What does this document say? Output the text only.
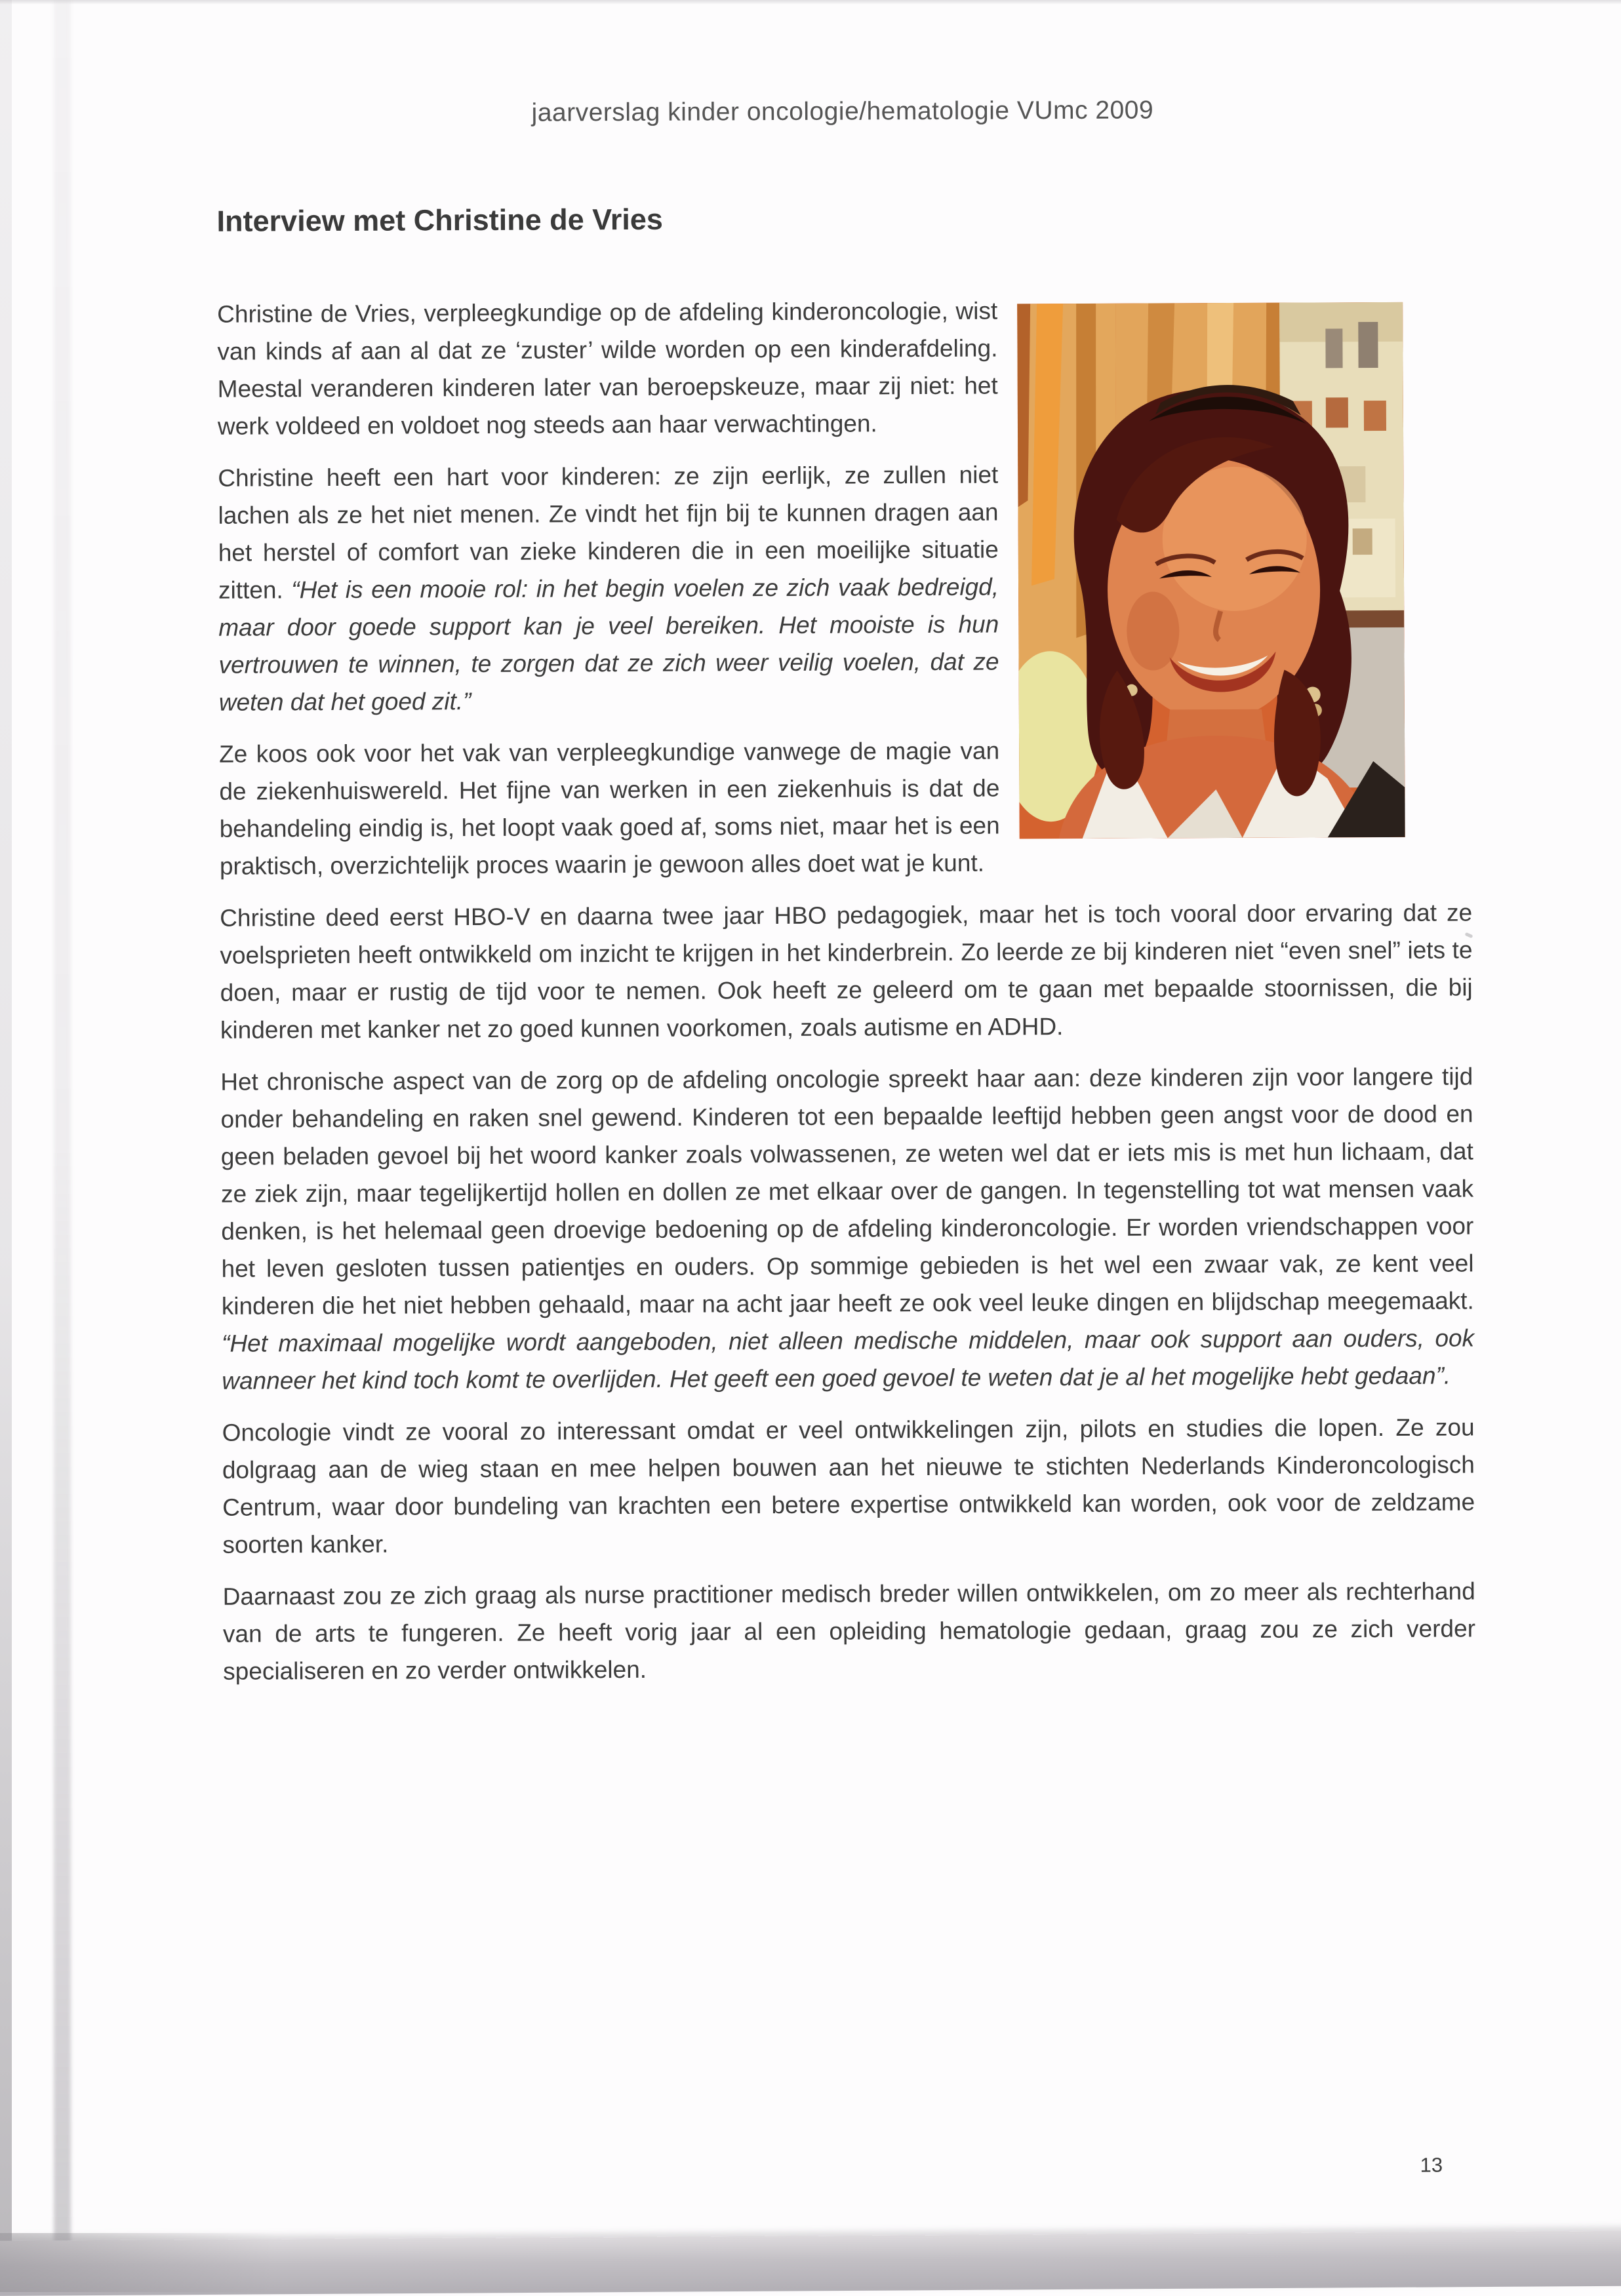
jaarverslag kinder oncologie/hematologie VUmc 2009
Interview met Christine de Vries

Christine de Vries, verpleegkundige op de afdeling kinderoncologie, wist van kinds af aan al dat ze ‘zuster’ wilde worden op een kinderafdeling. Meestal veranderen kinderen later van beroepskeuze, maar zij niet: het werk voldeed en voldoet nog steeds aan haar verwachtingen.

Christine heeft een hart voor kinderen: ze zijn eerlijk, ze zullen niet lachen als ze het niet menen. Ze vindt het fijn bij te kunnen dragen aan het herstel of comfort van zieke kinderen die in een moeilijke situatie zitten. “Het is een mooie rol: in het begin voelen ze zich vaak bedreigd, maar door goede support kan je veel bereiken. Het mooiste is hun vertrouwen te winnen, te zorgen dat ze zich weer veilig voelen, dat ze weten dat het goed zit.”

Ze koos ook voor het vak van verpleegkundige vanwege de magie van de ziekenhuiswereld. Het fijne van werken in een ziekenhuis is dat de behandeling eindig is, het loopt vaak goed af, soms niet, maar het is een praktisch, overzichtelijk proces waarin je gewoon alles doet wat je kunt.

Christine deed eerst HBO-V en daarna twee jaar HBO pedagogiek, maar het is toch vooral door ervaring dat ze voelsprieten heeft ontwikkeld om inzicht te krijgen in het kinderbrein. Zo leerde ze bij kinderen niet “even snel” iets te doen, maar er rustig de tijd voor te nemen. Ook heeft ze geleerd om te gaan met bepaalde stoornissen, die bij kinderen met kanker net zo goed kunnen voorkomen, zoals autisme en ADHD.

Het chronische aspect van de zorg op de afdeling oncologie spreekt haar aan: deze kinderen zijn voor langere tijd onder behandeling en raken snel gewend. Kinderen tot een bepaalde leeftijd hebben geen angst voor de dood en geen beladen gevoel bij het woord kanker zoals volwassenen, ze weten wel dat er iets mis is met hun lichaam, dat ze ziek zijn, maar tegelijkertijd hollen en dollen ze met elkaar over de gangen. In tegenstelling tot wat mensen vaak denken, is het helemaal geen droevige bedoening op de afdeling kinderoncologie. Er worden vriendschappen voor het leven gesloten tussen patientjes en ouders. Op sommige gebieden is het wel een zwaar vak, ze kent veel kinderen die het niet hebben gehaald, maar na acht jaar heeft ze ook veel leuke dingen en blijdschap meegemaakt. “Het maximaal mogelijke wordt aangeboden, niet alleen medische middelen, maar ook support aan ouders, ook wanneer het kind toch komt te overlijden. Het geeft een goed gevoel te weten dat je al het mogelijke hebt gedaan”.

Oncologie vindt ze vooral zo interessant omdat er veel ontwikkelingen zijn, pilots en studies die lopen. Ze zou dolgraag aan de wieg staan en mee helpen bouwen aan het nieuwe te stichten Nederlands Kinderoncologisch Centrum, waar door bundeling van krachten een betere expertise ontwikkeld kan worden, ook voor de zeldzame soorten kanker.

Daarnaast zou ze zich graag als nurse practitioner medisch breder willen ontwikkelen, om zo meer als rechterhand van de arts te fungeren. Ze heeft vorig jaar al een opleiding hematologie gedaan, graag zou ze zich verder specialiseren en zo verder ontwikkelen.

13
